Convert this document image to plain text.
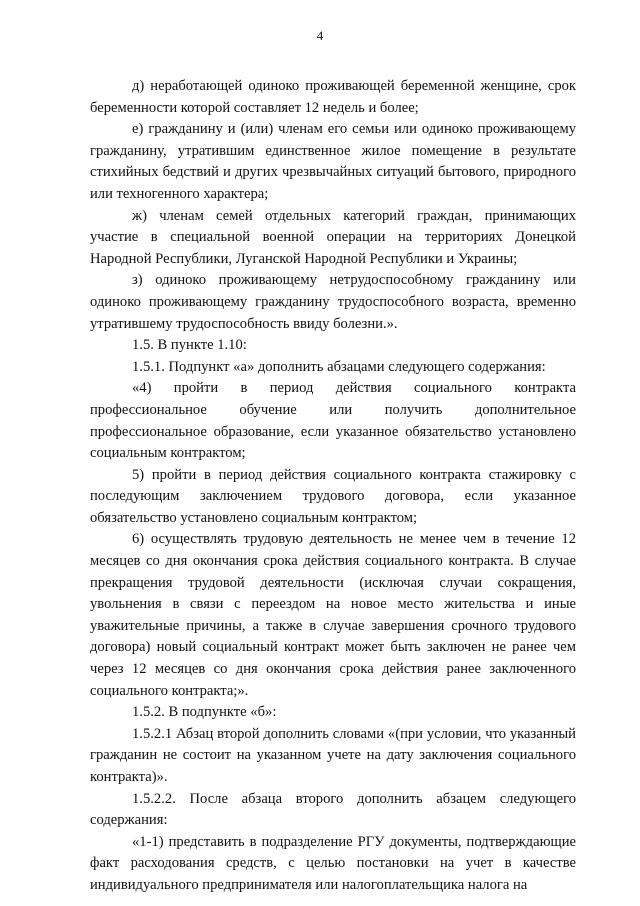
4

д) неработающей одиноко проживающей беременной женщине, срок беременности которой составляет 12 недель и более;

е) гражданину и (или) членам его семьи или одиноко проживающему гражданину, утратившим единственное жилое помещение в результате стихийных бедствий и других чрезвычайных ситуаций бытового, природного или техногенного характера;

ж) членам семей отдельных категорий граждан, принимающих участие в специальной военной операции на территориях Донецкой Народной Республики, Луганской Народной Республики и Украины;

з) одиноко проживающему нетрудоспособному гражданину или одиноко проживающему гражданину трудоспособного возраста, временно утратившему трудоспособность ввиду болезни.».

1.5. В пункте 1.10:

1.5.1. Подпункт «а» дополнить абзацами следующего содержания:

«4) пройти в период действия социального контракта профессиональное обучение или получить дополнительное профессиональное образование, если указанное обязательство установлено социальным контрактом;

5) пройти в период действия социального контракта стажировку с последующим заключением трудового договора, если указанное обязательство установлено социальным контрактом;

6) осуществлять трудовую деятельность не менее чем в течение 12 месяцев со дня окончания срока действия социального контракта. В случае прекращения трудовой деятельности (исключая случаи сокращения, увольнения в связи с переездом на новое место жительства и иные уважительные причины, а также в случае завершения срочного трудового договора) новый социальный контракт может быть заключен не ранее чем через 12 месяцев со дня окончания срока действия ранее заключенного социального контракта;».

1.5.2. В подпункте «б»:

1.5.2.1 Абзац второй дополнить словами «(при условии, что указанный гражданин не состоит на указанном учете на дату заключения социального контракта)».

1.5.2.2. После абзаца второго дополнить абзацем следующего содержания:

«1-1) представить в подразделение РГУ документы, подтверждающие факт расходования средств, с целью постановки на учет в качестве индивидуального предпринимателя или налогоплательщика налога на
